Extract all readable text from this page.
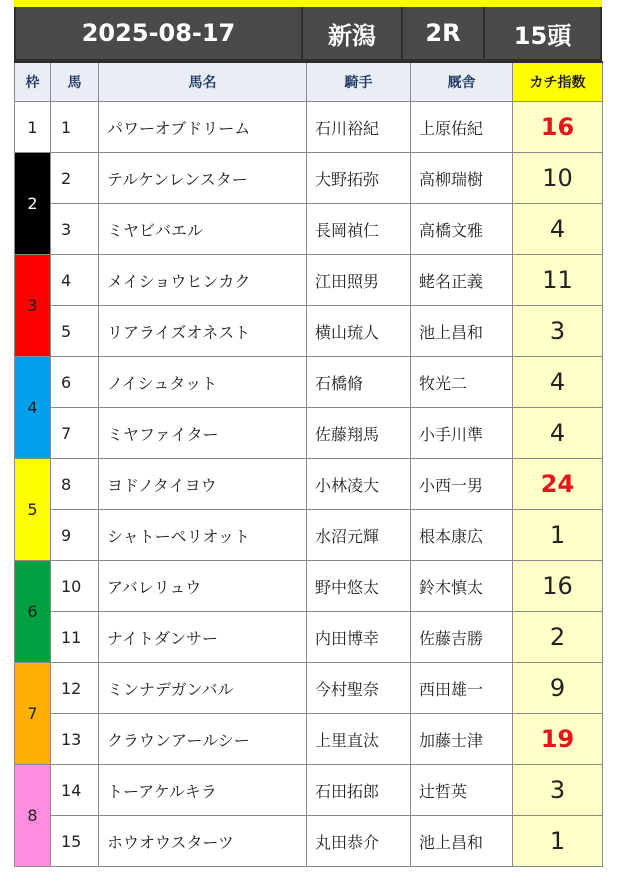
2025-08-17	新潟	2R	15頭
枠	馬	馬名	騎手	厩舎	カチ指数
1	1	パワーオブドリーム	石川裕紀	上原佑紀	16
2	2	テルケンレンスター	大野拓弥	高柳瑞樹	10
	3	ミヤビバエル	長岡禎仁	高橋文雅	4
3	4	メイショウヒンカク	江田照男	蛯名正義	11
	5	リアライズオネスト	横山琉人	池上昌和	3
4	6	ノイシュタット	石橋脩	牧光二	4
	7	ミヤファイター	佐藤翔馬	小手川準	4
5	8	ヨドノタイヨウ	小林凌大	小西一男	24
	9	シャトーペリオット	水沼元輝	根本康広	1
6	10	アバレリュウ	野中悠太	鈴木慎太	16
	11	ナイトダンサー	内田博幸	佐藤吉勝	2
7	12	ミンナデガンバル	今村聖奈	西田雄一	9
	13	クラウンアールシー	上里直汰	加藤士津	19
8	14	トーアケルキラ	石田拓郎	辻哲英	3
	15	ホウオウスターツ	丸田恭介	池上昌和	1
